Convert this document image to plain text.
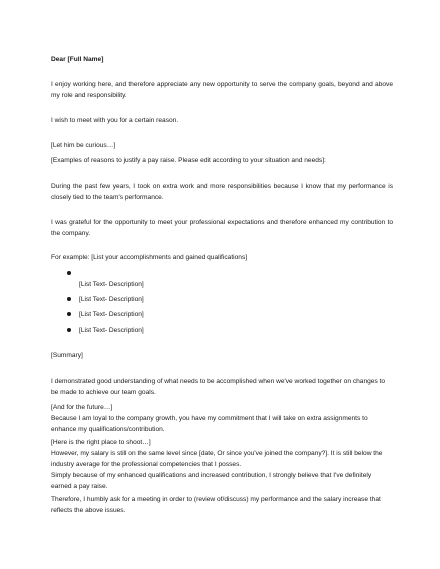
Dear [Full Name]

I enjoy working here, and therefore appreciate any new opportunity to serve the company goals, beyond and above my role and responsibility.

I wish to meet with you for a certain reason.

[Let him be curious…]

[Examples of reasons to justify a pay raise. Please edit according to your situation and needs]:

During the past few years, I took on extra work and more responsibilities because I know that my performance is closely tied to the team's performance.

I was grateful for the opportunity to meet your professional expectations and therefore enhanced my contribution to the company.

For example: [List your accomplishments and gained qualifications]

[List Text- Description]
[List Text- Description]
[List Text- Description]
[List Text- Description]

[Summary]

I demonstrated good understanding of what needs to be accomplished when we've worked together on changes to be made to achieve our team goals.

[And for the future…]

Because I am loyal to the company growth, you have my commitment that I will take on extra assignments to enhance my qualifications/contribution.

[Here is the right place to shoot…]

However, my salary is still on the same level since [date, Or since you've joined the company?]. It is still below the industry average for the professional competencies that I posses.

Simply because of my enhanced qualifications and increased contribution, I strongly believe that I've definitely earned a pay raise.

Therefore, I humbly ask for a meeting in order to (review of/discuss) my performance and the salary increase that reflects the above issues.
